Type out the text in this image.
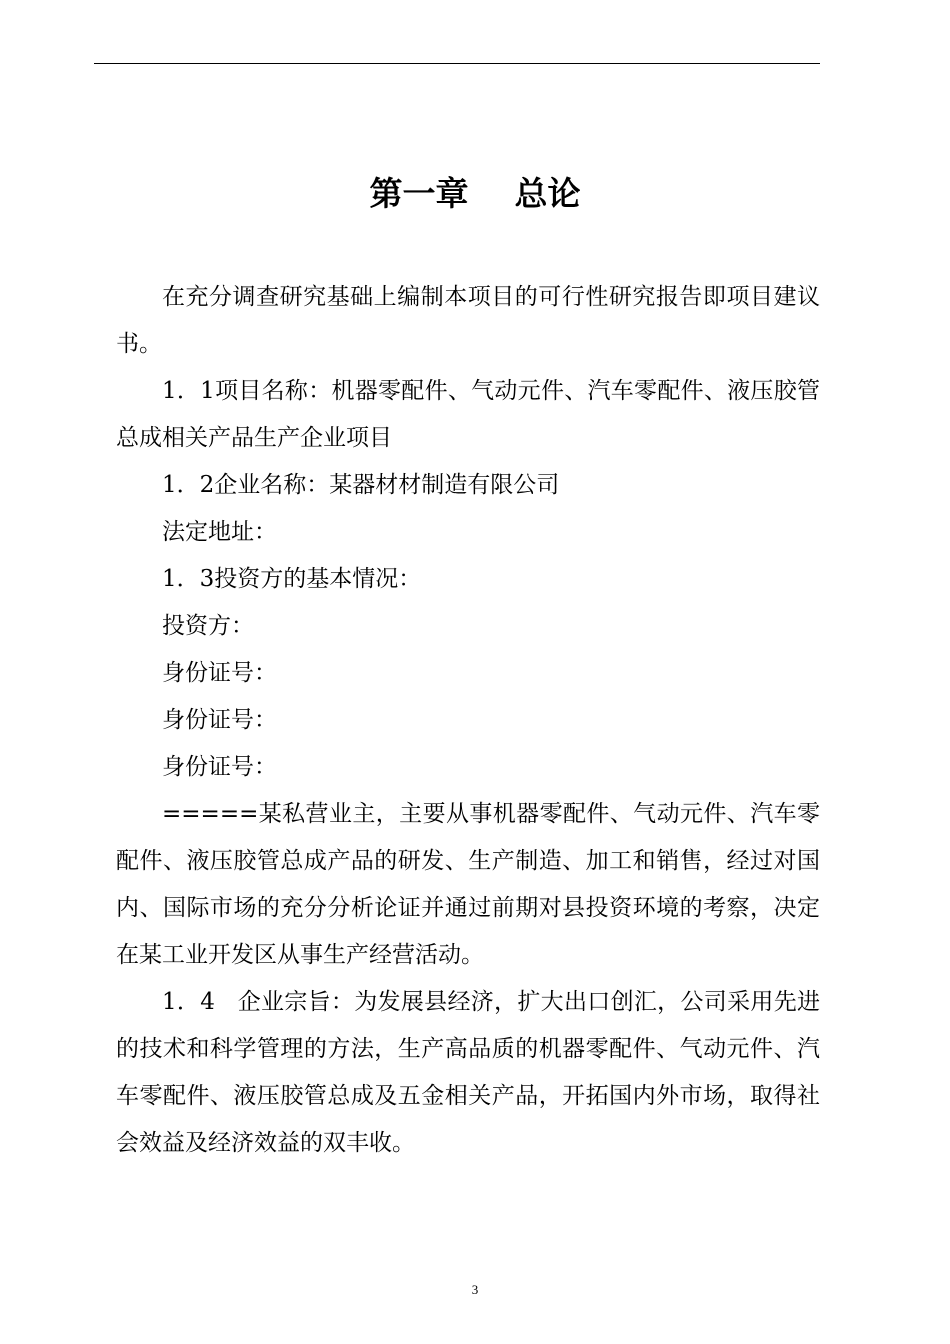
第一章    总论

在充分调查研究基础上编制本项目的可行性研究报告即项目建议书。

1．1项目名称：机器零配件、气动元件、汽车零配件、液压胶管总成相关产品生产企业项目

1．2企业名称：某器材材制造有限公司

法定地址：

1．3投资方的基本情况：

投资方：

身份证号：

身份证号：

身份证号：

=====某私营业主，主要从事机器零配件、气动元件、汽车零配件、液压胶管总成产品的研发、生产制造、加工和销售，经过对国内、国际市场的充分分析论证并通过前期对县投资环境的考察，决定在某工业开发区从事生产经营活动。

1．4   企业宗旨：为发展县经济，扩大出口创汇，公司采用先进的技术和科学管理的方法，生产高品质的机器零配件、气动元件、汽车零配件、液压胶管总成及五金相关产品，开拓国内外市场，取得社会效益及经济效益的双丰收。

3
